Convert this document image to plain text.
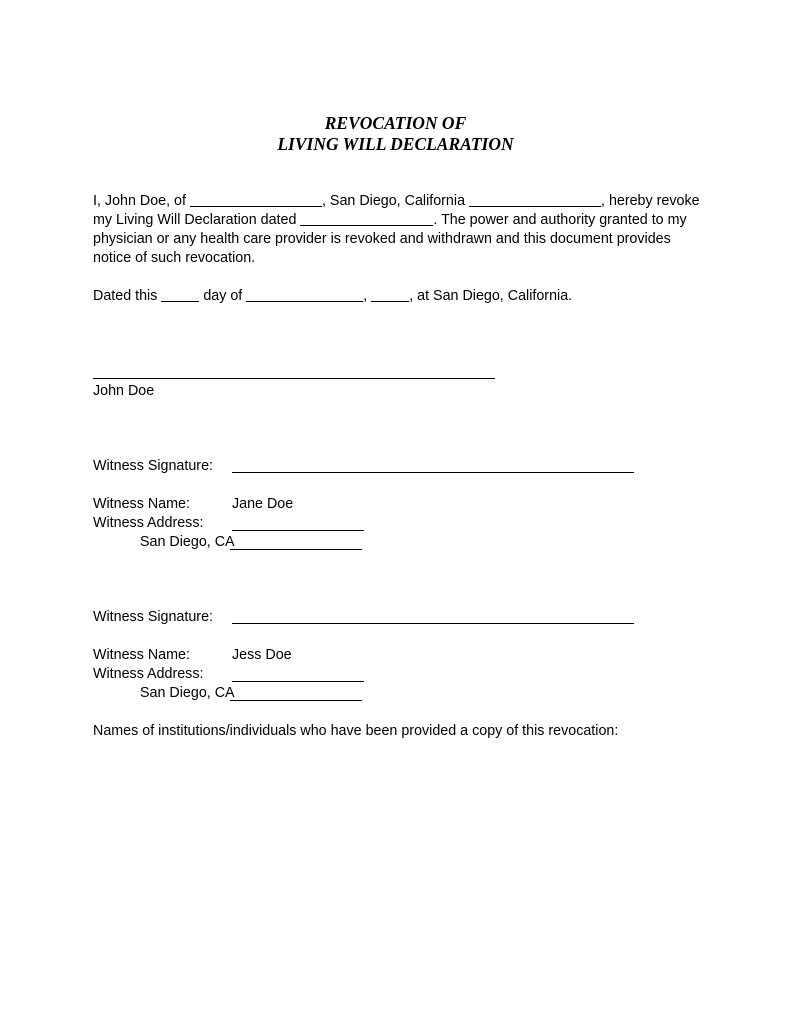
REVOCATION OF
LIVING WILL DECLARATION
I, John Doe, of	, San Diego, California	, hereby revoke
my Living Will Declaration dated	. The power and authority granted to my
physician or any health care provider is revoked and withdrawn and this document provides
notice of such revocation.
Dated this	day of	,	, at San Diego, California.
John Doe
Witness Signature:
Witness Name:	Jane Doe
Witness Address:
San Diego, CA
Witness Signature:
Witness Name:	Jess Doe
Witness Address:
San Diego, CA
Names of institutions/individuals who have been provided a copy of this revocation:
